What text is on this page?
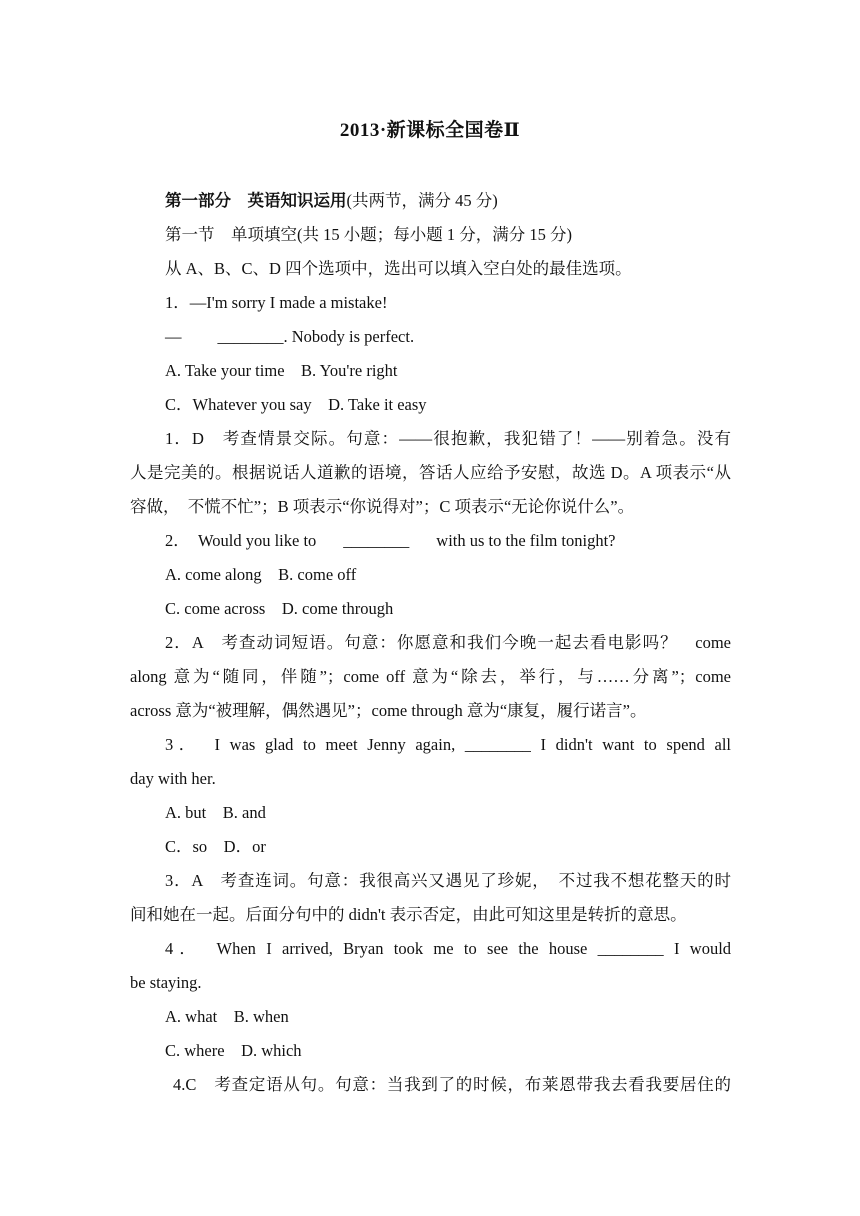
2013·新课标全国卷Ⅱ
第一部分　英语知识运用(共两节，满分 45 分)
第一节　单项填空(共 15 小题；每小题 1 分，满分 15 分)
从 A、B、C、D 四个选项中，选出可以填入空白处的最佳选项。
1．—I'm sorry I made a mistake!
— ________. Nobody is perfect.
A. Take your time　B. You're right
C．Whatever you say　D. Take it easy
1．D　考查情景交际。句意：——很抱歉，我犯错了！——别着急。没有
人是完美的。根据说话人道歉的语境，答话人应给予安慰，故选 D。A 项表示“从
容做，　不慌不忙”；B 项表示“你说得对”；C 项表示“无论你说什么”。
2．　Would you like to ________ with us to the film tonight?
A. come along　B. come off
C. come across　D. come through
2．A　考查动词短语。句意：你愿意和我们今晚一起去看电影吗？　come
along 意为“随同，伴随”；come off 意为“除去，举行，与……分离”；come
across 意为“被理解，偶然遇见”；come through 意为“康复，履行诺言”。
3．　I was glad to meet Jenny again, ________ I didn't want to spend all
day with her.
A. but　B. and
C．so　D．or
3．A　考查连词。句意：我很高兴又遇见了珍妮，　不过我不想花整天的时
间和她在一起。后面分句中的 didn't 表示否定，由此可知这里是转折的意思。
4．　When I arrived, Bryan took me to see the house ________ I would
be staying.
A. what　B. when
C. where　D. which
4.C　考查定语从句。句意：当我到了的时候，布莱恩带我去看我要居住的
